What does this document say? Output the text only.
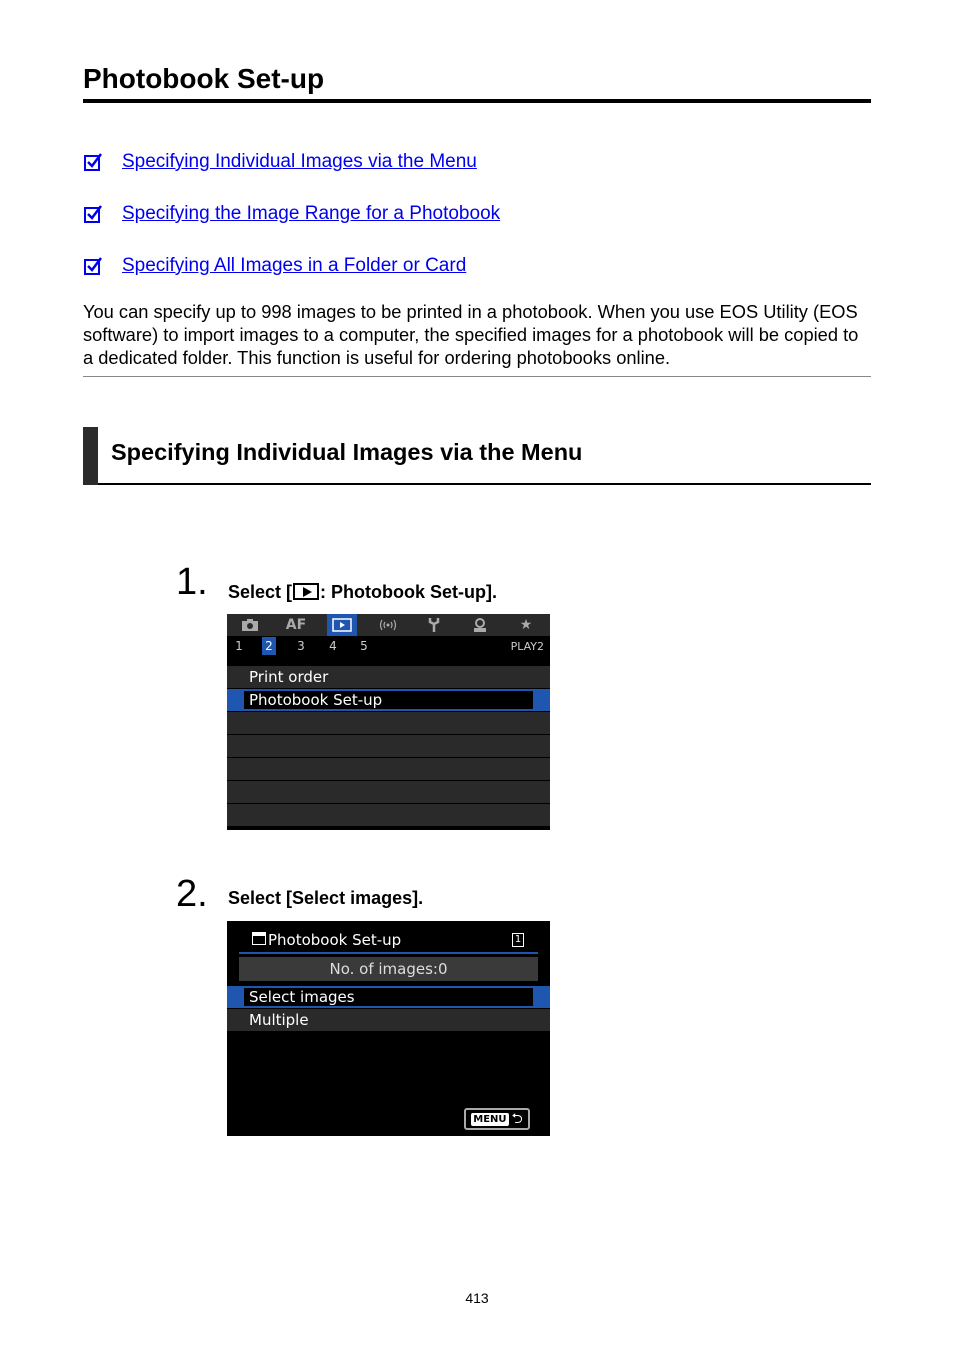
Photobook Set-up
Specifying Individual Images via the Menu
Specifying the Image Range for a Photobook
Specifying All Images in a Folder or Card

You can specify up to 998 images to be printed in a photobook. When you use EOS Utility (EOS software) to import images to a computer, the specified images for a photobook will be copied to a dedicated folder. This function is useful for ordering photobooks online.

Specifying Individual Images via the Menu
1. Select [ : Photobook Set-up].
AF	★
1 2 3 4 5	PLAY2
Print order
Photobook Set-up
2. Select [Select images].
Photobook Set-up	1
No. of images:0
Select images
Multiple
MENU ⮌
413
